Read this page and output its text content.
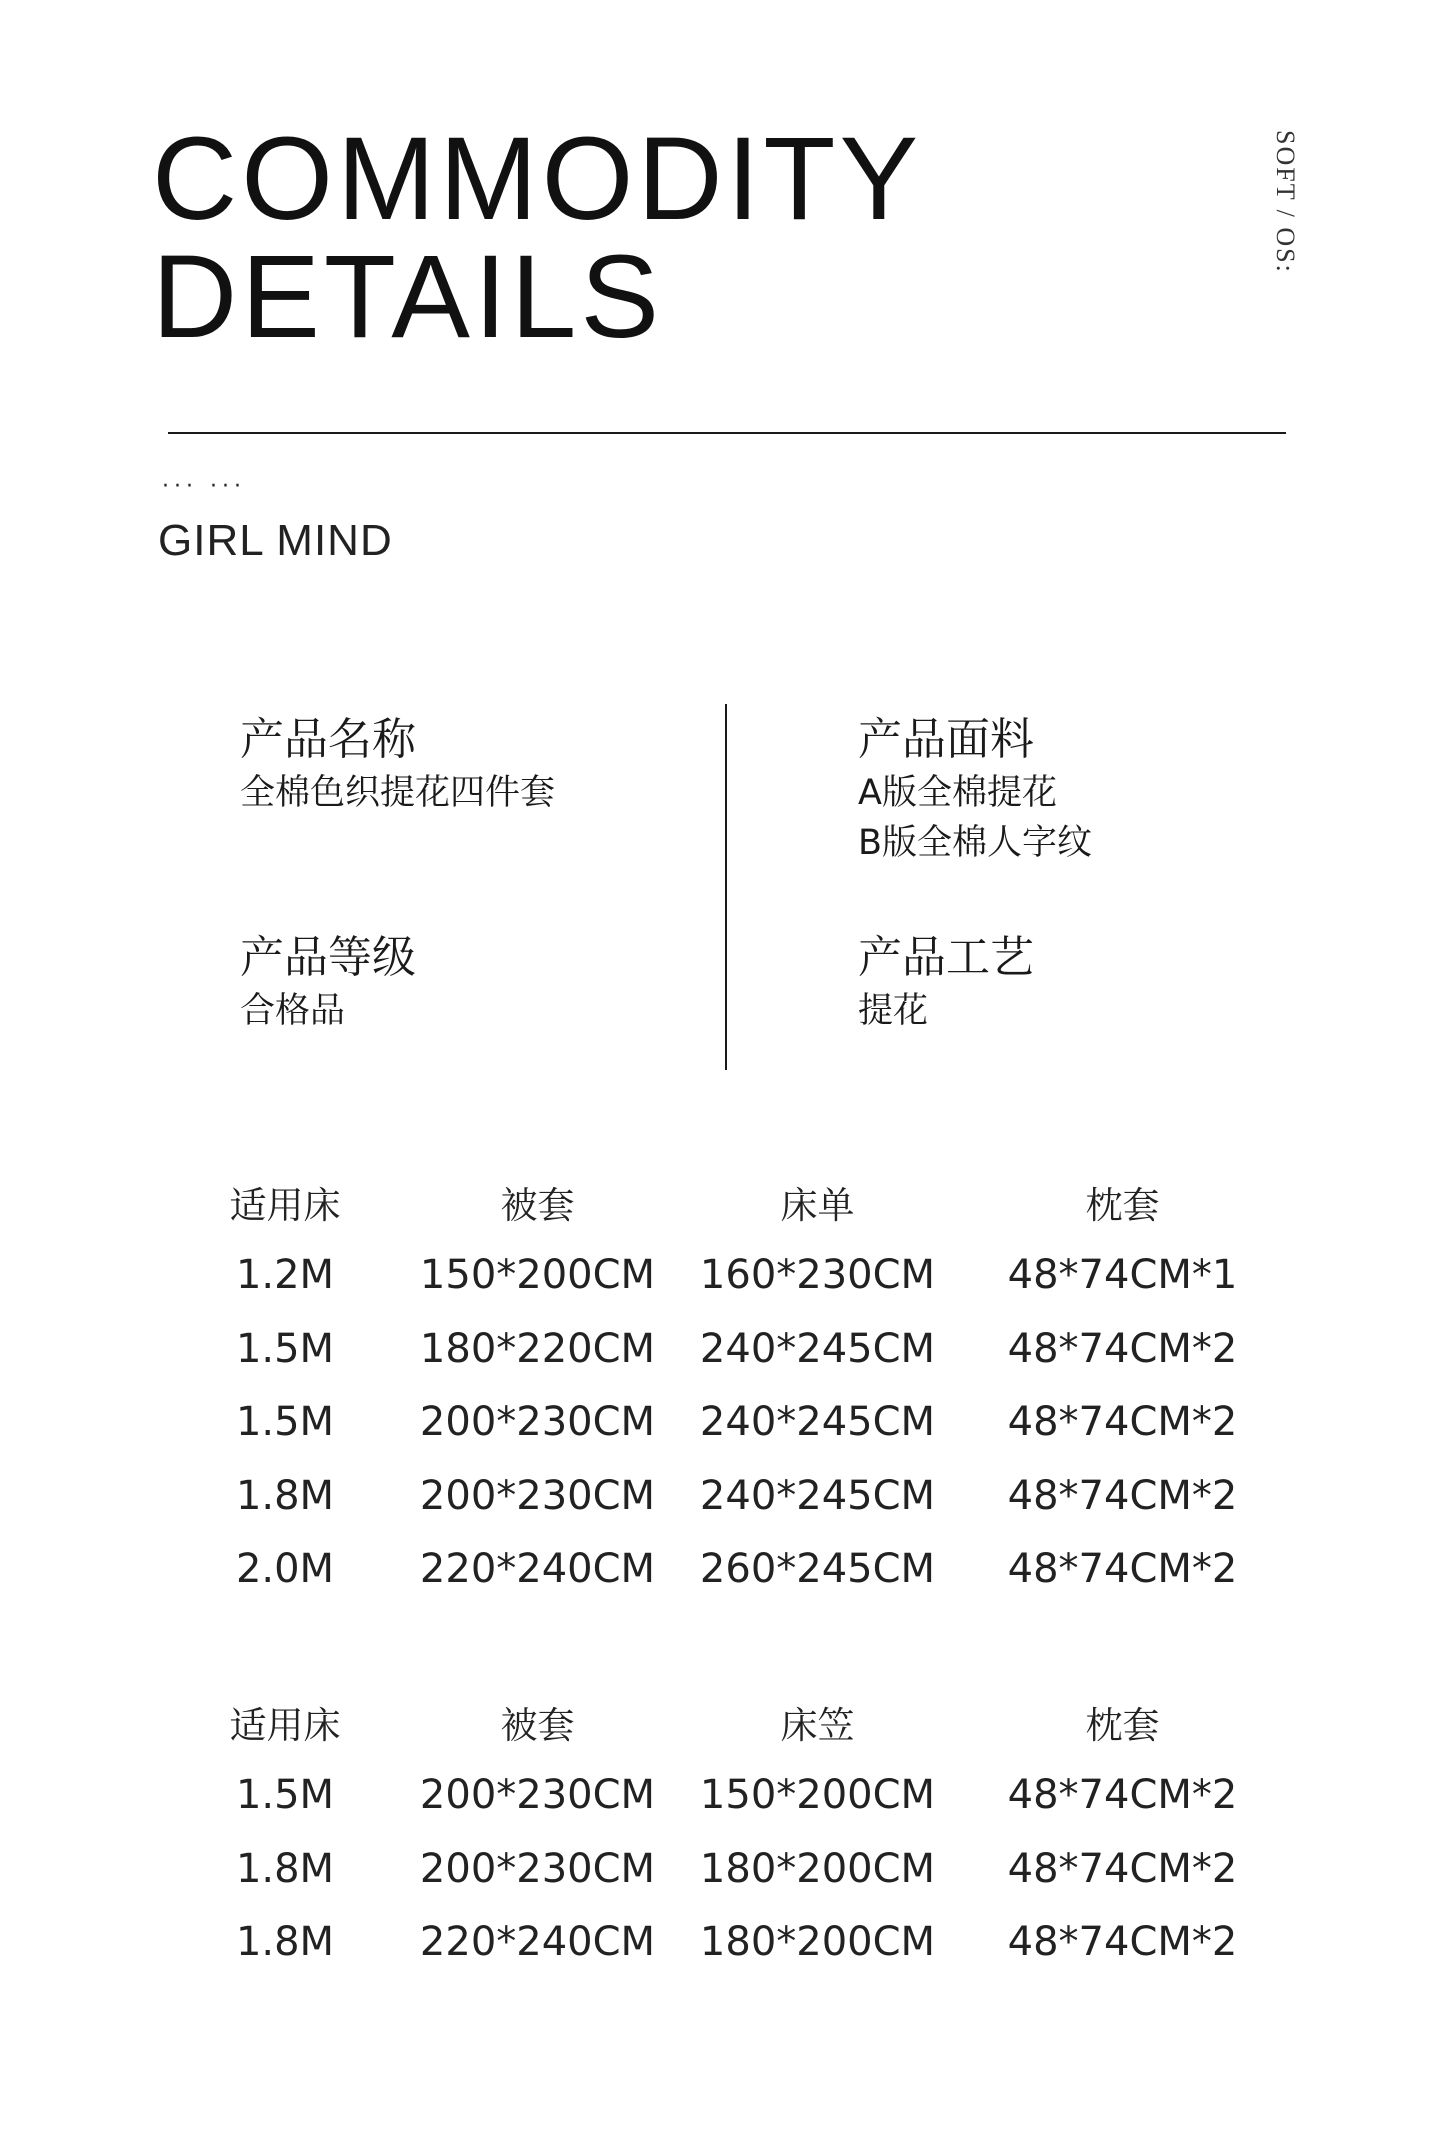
COMMODITY
DETAILS
SOFT / OS:
··· ···
GIRL MIND
产品名称
全棉色织提花四件套
产品面料
A版全棉提花
B版全棉人字纹
产品等级
合格品
产品工艺
提花
适用床	被套	床单	枕套
1.2M	150*200CM	160*230CM	48*74CM*1
1.5M	180*220CM	240*245CM	48*74CM*2
1.5M	200*230CM	240*245CM	48*74CM*2
1.8M	200*230CM	240*245CM	48*74CM*2
2.0M	220*240CM	260*245CM	48*74CM*2
适用床	被套	床笠	枕套
1.5M	200*230CM	150*200CM	48*74CM*2
1.8M	200*230CM	180*200CM	48*74CM*2
1.8M	220*240CM	180*200CM	48*74CM*2
